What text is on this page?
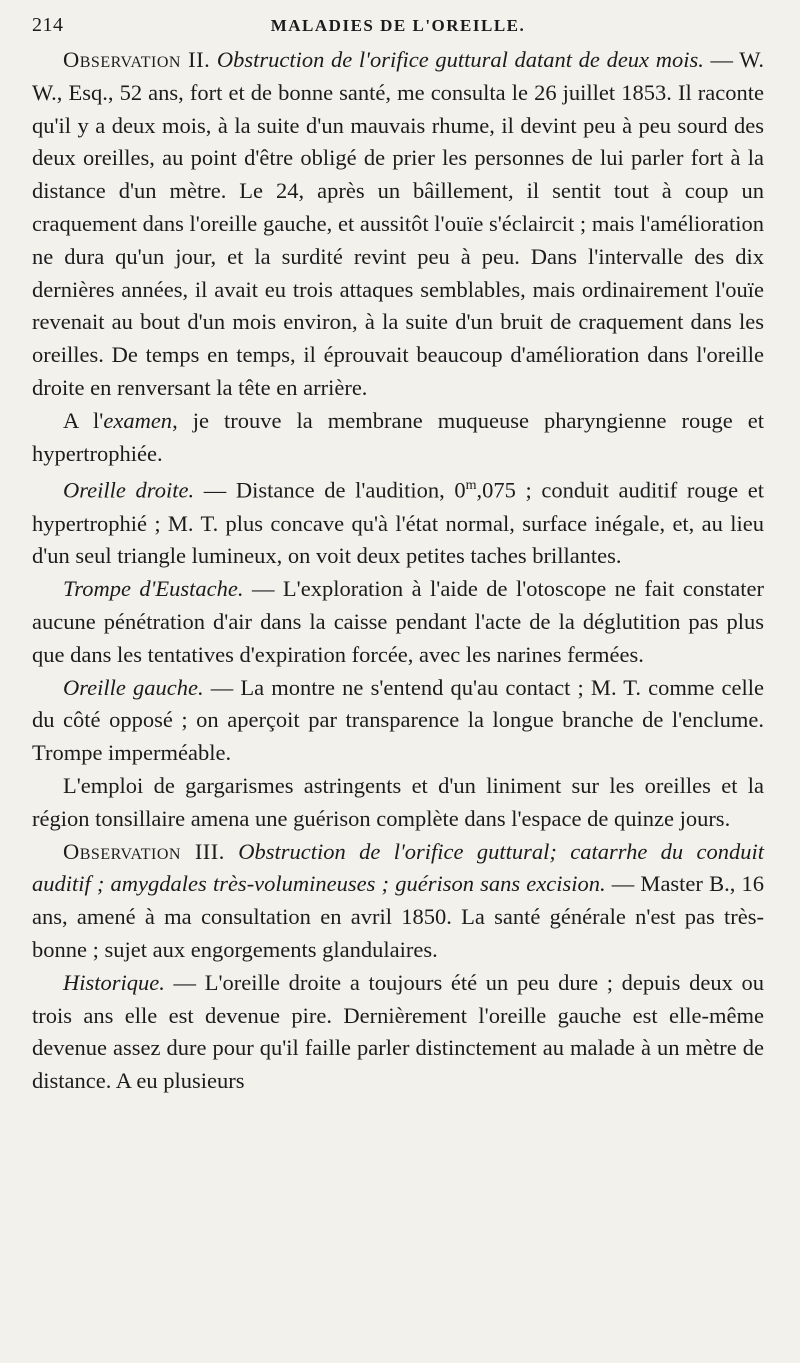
214	MALADIES DE L'OREILLE.

Observation II. Obstruction de l'orifice guttural datant de deux mois. — W. W., Esq., 52 ans, fort et de bonne santé, me consulta le 26 juillet 1853. Il raconte qu'il y a deux mois, à la suite d'un mauvais rhume, il devint peu à peu sourd des deux oreilles, au point d'être obligé de prier les personnes de lui parler fort à la distance d'un mètre. Le 24, après un bâillement, il sentit tout à coup un craquement dans l'oreille gauche, et aussitôt l'ouïe s'éclaircit ; mais l'amélioration ne dura qu'un jour, et la surdité revint peu à peu. Dans l'intervalle des dix dernières années, il avait eu trois attaques semblables, mais ordinairement l'ouïe revenait au bout d'un mois environ, à la suite d'un bruit de craquement dans les oreilles. De temps en temps, il éprouvait beaucoup d'amélioration dans l'oreille droite en renversant la tête en arrière.

A l'examen, je trouve la membrane muqueuse pharyngienne rouge et hypertrophiée.

Oreille droite. — Distance de l'audition, 0$^m$,075 ; conduit auditif rouge et hypertrophié ; M. T. plus concave qu'à l'état normal, surface inégale, et, au lieu d'un seul triangle lumineux, on voit deux petites taches brillantes.

Trompe d'Eustache. — L'exploration à l'aide de l'otoscope ne fait constater aucune pénétration d'air dans la caisse pendant l'acte de la déglutition pas plus que dans les tentatives d'expiration forcée, avec les narines fermées.

Oreille gauche. — La montre ne s'entend qu'au contact ; M. T. comme celle du côté opposé ; on aperçoit par transparence la longue branche de l'enclume. Trompe imperméable.

L'emploi de gargarismes astringents et d'un liniment sur les oreilles et la région tonsillaire amena une guérison complète dans l'espace de quinze jours.

Observation III. Obstruction de l'orifice guttural; catarrhe du conduit auditif ; amygdales très-volumineuses ; guérison sans excision. — Master B., 16 ans, amené à ma consultation en avril 1850. La santé générale n'est pas très-bonne ; sujet aux engorgements glandulaires.

Historique. — L'oreille droite a toujours été un peu dure ; depuis deux ou trois ans elle est devenue pire. Dernièrement l'oreille gauche est elle-même devenue assez dure pour qu'il faille parler distinctement au malade à un mètre de distance. A eu plusieurs
